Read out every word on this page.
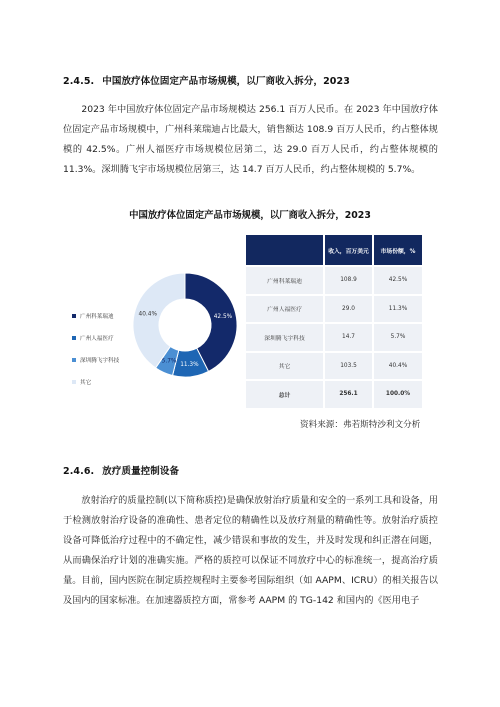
2.4.5. 中国放疗体位固定产品市场规模，以厂商收入拆分，2023

2023 年中国放疗体位固定产品市场规模达 256.1 百万人民币。在 2023 年中国放疗体位固定产品市场规模中，广州科莱瑞迪占比最大，销售额达 108.9 百万人民币，约占整体规模的 42.5%。广州人福医疗市场规模位居第二，达 29.0 百万人民币，约占整体规模的 11.3%。深圳腾飞宇市场规模位居第三，达 14.7 百万人民币，约占整体规模的 5.7%。

中国放疗体位固定产品市场规模，以厂商收入拆分，2023
广州科莱瑞迪
广州人福医疗
深圳腾飞宇科技
其它
42.5%
11.3%
5.7%
40.4%
	收入，百万美元	市场份额，%
广州科莱瑞迪	108.9	42.5%
广州人福医疗	29.0	11.3%
深圳腾飞宇科技	14.7	5.7%
其它	103.5	40.4%
总计	256.1	100.0%
资料来源：弗若斯特沙利文分析
2.4.6. 放疗质量控制设备

放射治疗的质量控制(以下简称质控)是确保放射治疗质量和安全的一系列工具和设备，用于检测放射治疗设备的准确性、患者定位的精确性以及放疗剂量的精确性等。放射治疗质控设备可降低治疗过程中的不确定性，减少错误和事故的发生，并及时发现和纠正潜在问题，从而确保治疗计划的准确实施。严格的质控可以保证不同放疗中心的标准统一，提高治疗质量。目前，国内医院在制定质控规程时主要参考国际组织（如 AAPM、ICRU）的相关报告以及国内的国家标准。在加速器质控方面，常参考 AAPM 的 TG-142 和国内的《医用电子
